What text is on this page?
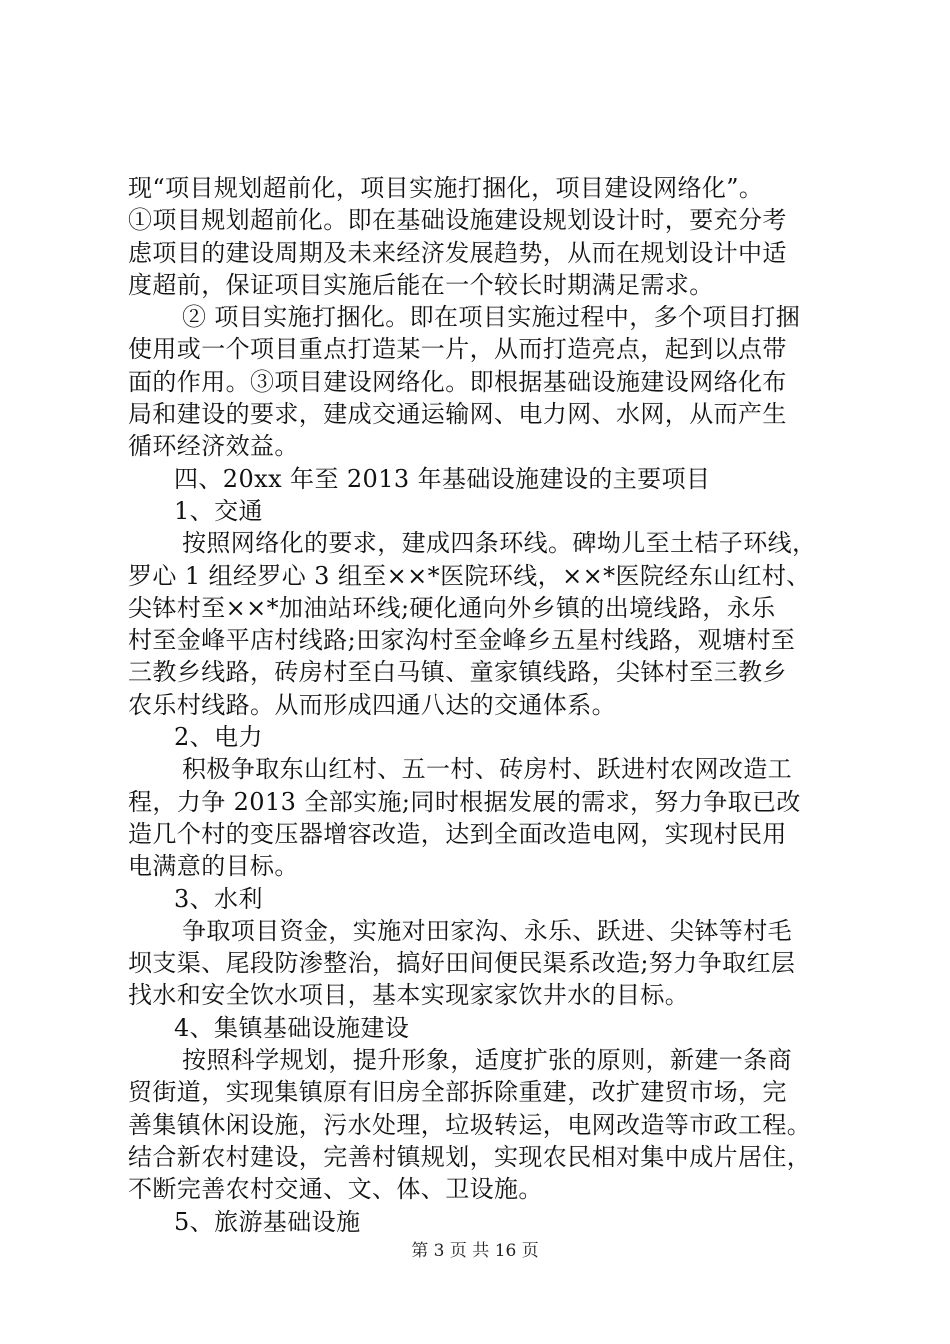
现“项目规划超前化，项目实施打捆化，项目建设网络化”。
①项目规划超前化。即在基础设施建设规划设计时，要充分考
虑项目的建设周期及未来经济发展趋势，从而在规划设计中适
度超前，保证项目实施后能在一个较长时期满足需求。
② 项目实施打捆化。即在项目实施过程中，多个项目打捆
使用或一个项目重点打造某一片，从而打造亮点，起到以点带
面的作用。③项目建设网络化。即根据基础设施建设网络化布
局和建设的要求，建成交通运输网、电力网、水网，从而产生
循环经济效益。
四、20xx 年至 2013 年基础设施建设的主要项目
1、交通
按照网络化的要求，建成四条环线。碑坳儿至土桔子环线，
罗心 1 组经罗心 3 组至××*医院环线，××*医院经东山红村、
尖钵村至××*加油站环线;硬化通向外乡镇的出境线路，永乐
村至金峰平店村线路;田家沟村至金峰乡五星村线路，观塘村至
三教乡线路，砖房村至白马镇、童家镇线路，尖钵村至三教乡
农乐村线路。从而形成四通八达的交通体系。
2、电力
积极争取东山红村、五一村、砖房村、跃进村农网改造工
程，力争 2013 全部实施;同时根据发展的需求，努力争取已改
造几个村的变压器增容改造，达到全面改造电网，实现村民用
电满意的目标。
3、水利
争取项目资金，实施对田家沟、永乐、跃进、尖钵等村毛
坝支渠、尾段防渗整治，搞好田间便民渠系改造;努力争取红层
找水和安全饮水项目，基本实现家家饮井水的目标。
4、集镇基础设施建设
按照科学规划，提升形象，适度扩张的原则，新建一条商
贸街道，实现集镇原有旧房全部拆除重建，改扩建贸市场，完
善集镇休闲设施，污水处理，垃圾转运，电网改造等市政工程。
结合新农村建设，完善村镇规划，实现农民相对集中成片居住，
不断完善农村交通、文、体、卫设施。
5、旅游基础设施
第 3 页 共 16 页
